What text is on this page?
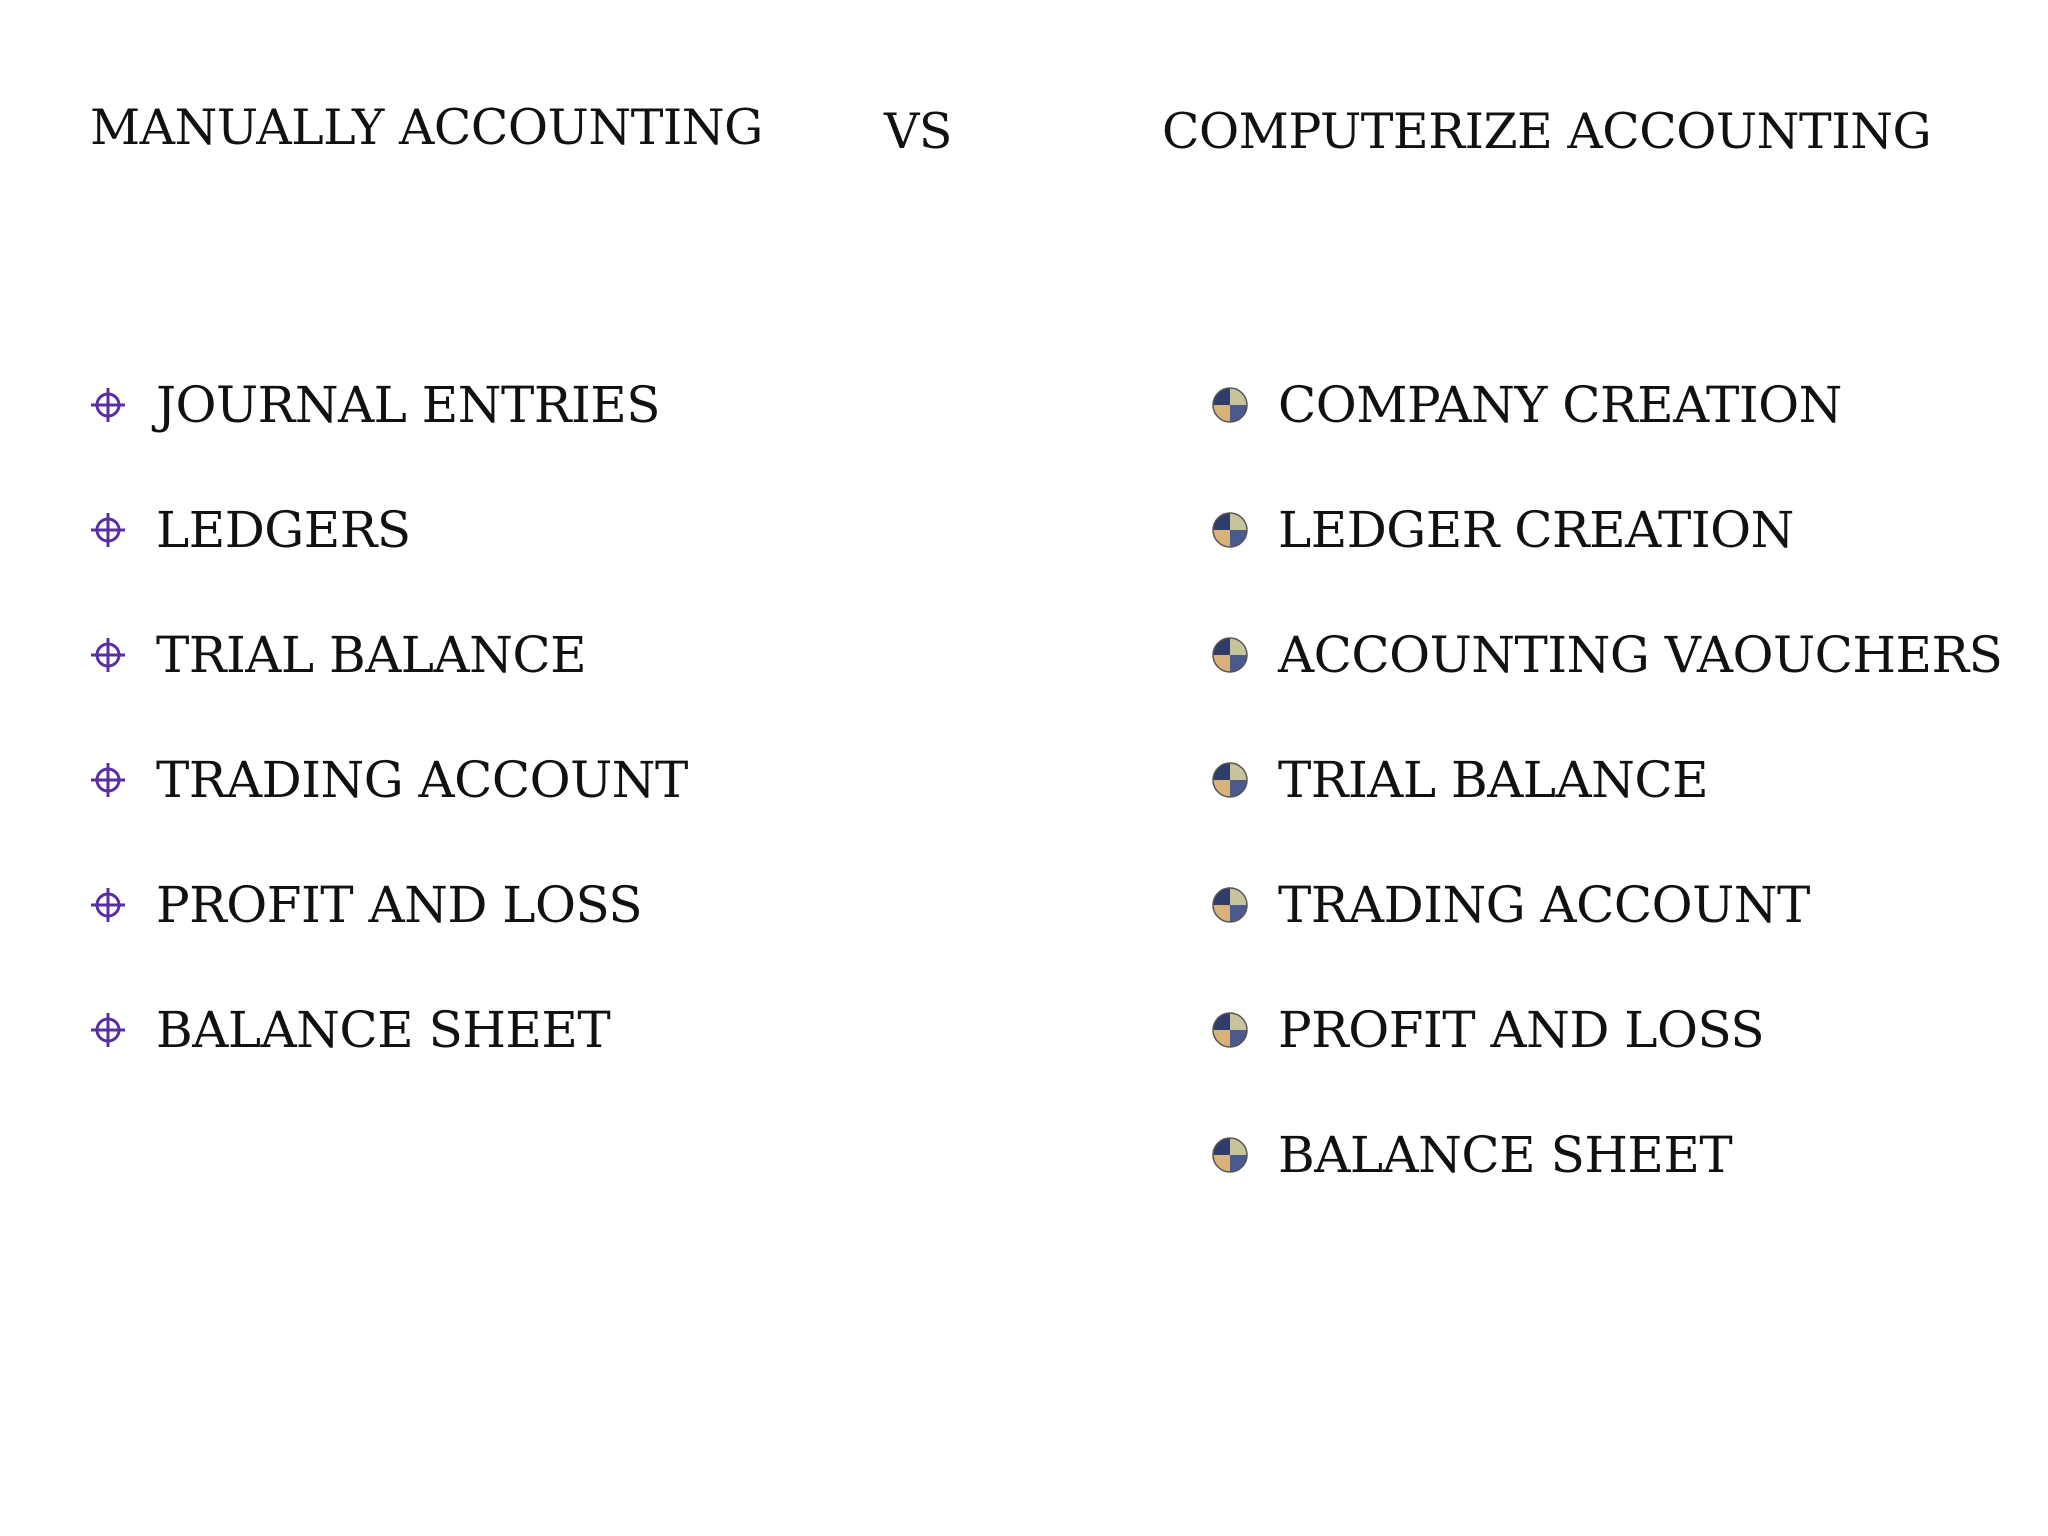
MANUALLY ACCOUNTING VS	COMPUTERIZE ACCOUNTING
JOURNAL ENTRIES
LEDGERS
TRIAL BALANCE
TRADING ACCOUNT
PROFIT AND LOSS
BALANCE SHEET
COMPANY CREATION
LEDGER CREATION
ACCOUNTING VAOUCHERS
TRIAL BALANCE
TRADING ACCOUNT
PROFIT AND LOSS
BALANCE SHEET
